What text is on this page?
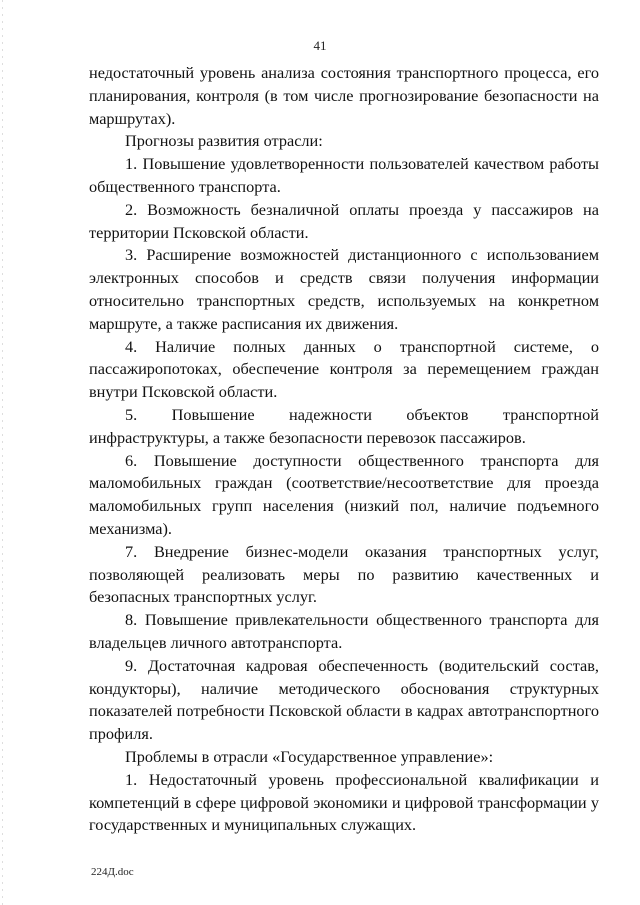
41

недостаточный уровень анализа состояния транспортного процесса, его планирования, контроля (в том числе прогнозирование безопасности на маршрутах).

Прогнозы развития отрасли:

1. Повышение удовлетворенности пользователей качеством работы общественного транспорта.

2. Возможность безналичной оплаты проезда у пассажиров на территории Псковской области.

3. Расширение возможностей дистанционного с использованием электронных способов и средств связи получения информации относительно транспортных средств, используемых на конкретном маршруте, а также расписания их движения.

4. Наличие полных данных о транспортной системе, о пассажиропотоках, обеспечение контроля за перемещением граждан внутри Псковской области.

5. Повышение надежности объектов транспортной инфраструктуры, а также безопасности перевозок пассажиров.

6. Повышение доступности общественного транспорта для маломобильных граждан (соответствие/несоответствие для проезда маломобильных групп населения (низкий пол, наличие подъемного механизма).

7. Внедрение бизнес-модели оказания транспортных услуг, позволяющей реализовать меры по развитию качественных и безопасных транспортных услуг.

8. Повышение привлекательности общественного транспорта для владельцев личного автотранспорта.

9. Достаточная кадровая обеспеченность (водительский состав, кондукторы), наличие методического обоснования структурных показателей потребности Псковской области в кадрах автотранспортного профиля.

Проблемы в отрасли «Государственное управление»:

1. Недостаточный уровень профессиональной квалификации и компетенций в сфере цифровой экономики и цифровой трансформации у государственных и муниципальных служащих.

224Д.doc
